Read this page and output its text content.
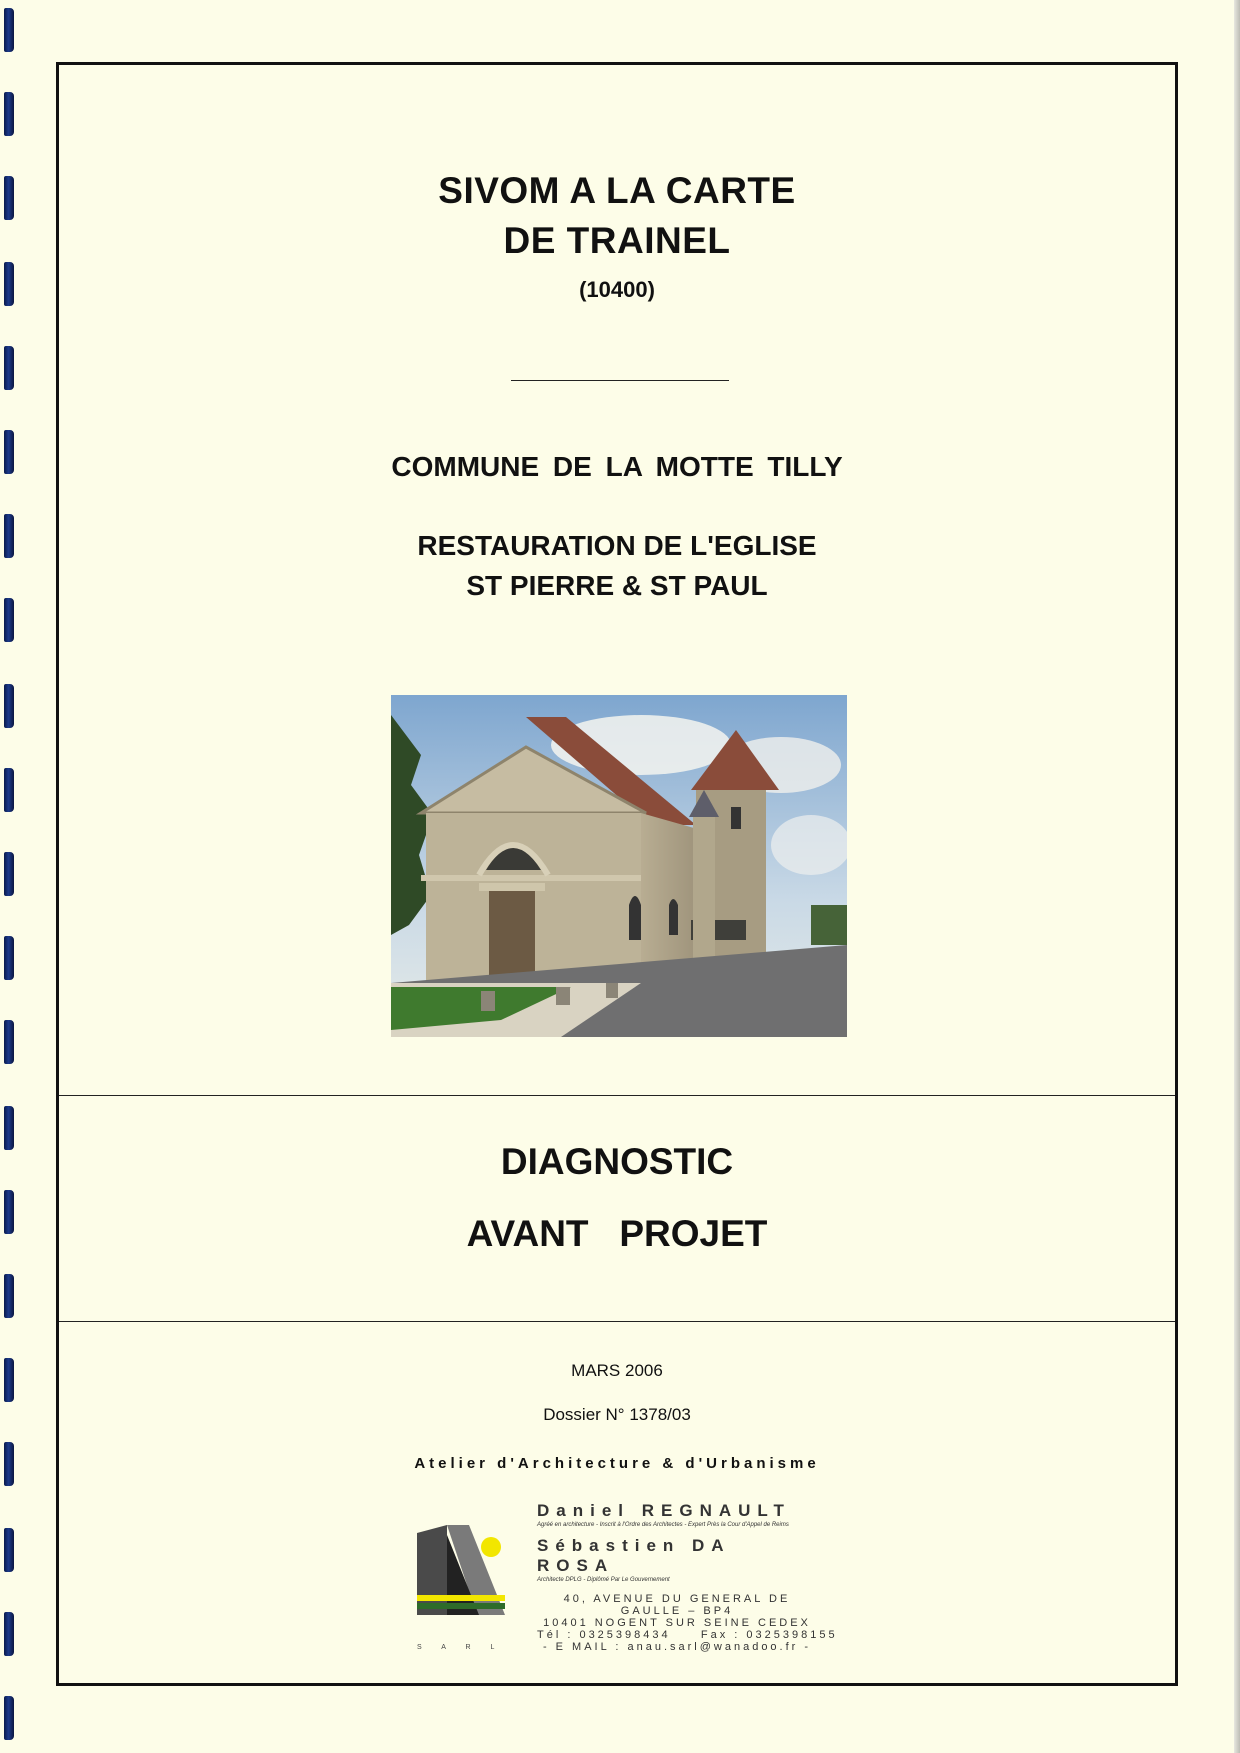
SIVOM A LA CARTE
DE TRAINEL
(10400)
COMMUNE DE LA MOTTE TILLY
RESTAURATION DE L'EGLISE
ST PIERRE & ST PAUL
DIAGNOSTIC
AVANT   PROJET
MARS 2006
Dossier N° 1378/03
Atelier d'Architecture & d'Urbanisme
S A R L
Daniel REGNAULT
Agréé en architecture - Inscrit à l'Ordre des Architectes - Expert Près la Cour d'Appel de Reims
Sébastien DA ROSA
Architecte DPLG - Diplômé Par Le Gouvernement
40, AVENUE DU GENERAL DE GAULLE – BP4
10401 NOGENT SUR SEINE CEDEX
Tél : 0325398434     Fax : 0325398155
- E MAIL : anau.sarl@wanadoo.fr -
